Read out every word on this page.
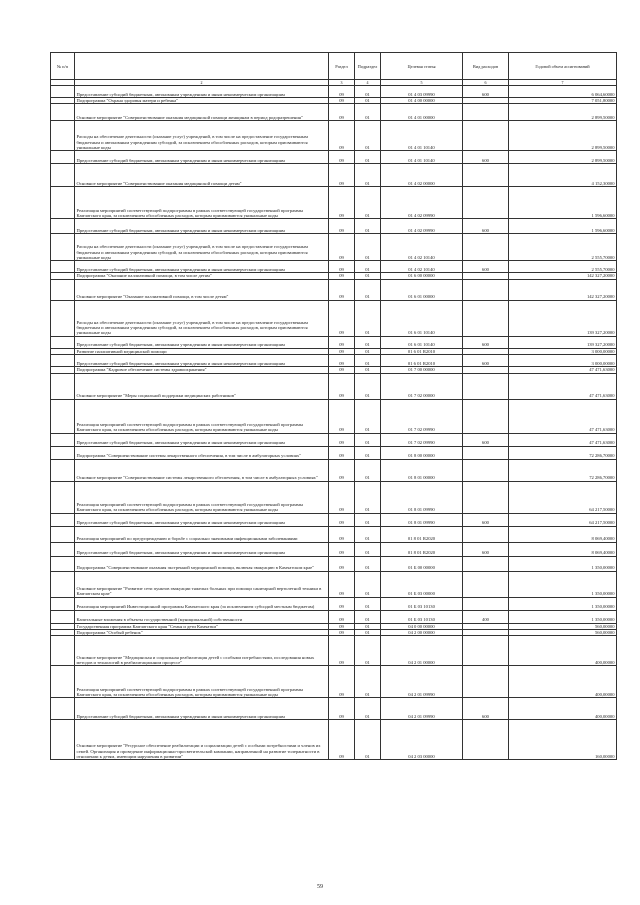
№ п/п		Раздел	Подраздел	Целевая статья	Вид расходов	Годовой объем ассигнований
	2	3	4	5	6	7
	Предоставление субсидий бюджетным, автономным учреждениям и иным некоммерческим организациям	09	01	01 4 03 09990	600	6 064,60000
	Подпрограмма "Охрана здоровья матери и ребенка"	09	01	01 4 00 00000		7 051,80000
	Основное мероприятие "Совершенствование оказания медицинской помощи женщинам в период родоразрешения"	09	01	01 4 01 00000		2 899,50000
	Расходы на обеспечение деятельности (оказание услуг) учреждений, в том числе на предоставление государственным бюджетным и автономным учреждениям субсидий, за исключением обособленных расходов, которым присваиваются уникальные коды	09	01	01 4 01 10140		2 899,50000
	Предоставление субсидий бюджетным, автономным учреждениям и иным некоммерческим организациям	09	01	01 4 01 10140	600	2 899,50000
	Основное мероприятие "Совершенствование оказания медицинской помощи детям"	09	01	01 4 02 00000		4 152,30000
	Реализация мероприятий соответствующей подпрограммы в рамках соответствующей государственной программы Камчатского края, за исключением обособленных расходов, которым присваиваются уникальные коды	09	01	01 4 02 09990		1 596,60000
	Предоставление субсидий бюджетным, автономным учреждениям и иным некоммерческим организациям	09	01	01 4 02 09990	600	1 596,60000
	Расходы на обеспечение деятельности (оказание услуг) учреждений, в том числе на предоставление государственным бюджетным и автономным учреждениям субсидий, за исключением обособленных расходов, которым присваиваются уникальные коды	09	01	01 4 02 10140		2 555,70000
	Предоставление субсидий бюджетным, автономным учреждениям и иным некоммерческим организациям	09	01	01 4 02 10140	600	2 555,70000
	Подпрограмма "Оказание паллиативной помощи, в том числе детям"	09	01	01 6 00 00000		142 327,20000
	Основное мероприятие "Оказание паллиативной помощи, в том числе детям"	09	01	01 6 01 00000		142 327,20000
	Расходы на обеспечение деятельности (оказание услуг) учреждений, в том числе на предоставление государственным бюджетным и автономным учреждениям субсидий, за исключением обособленных расходов, которым присваиваются уникальные коды	09	01	01 6 01 10140		139 327,20000
	Предоставление субсидий бюджетным, автономным учреждениям и иным некоммерческим организациям	09	01	01 6 01 10140	600	139 327,20000
	Развитие паллиативной медицинской помощи	09	01	01 6 01 R2010		3 000,00000
	Предоставление субсидий бюджетным, автономным учреждениям и иным некоммерческим организациям	09	01	01 6 01 R2010	600	3 000,00000
	Подпрограмма "Кадровое обеспечение системы здравоохранения"	09	01	01 7 00 00000		47 471,63000
	Основное мероприятие "Меры социальной поддержки медицинских работников"	09	01	01 7 02 00000		47 471,63000
	Реализация мероприятий соответствующей подпрограммы в рамках соответствующей государственной программы Камчатского края, за исключением обособленных расходов, которым присваиваются уникальные коды	09	01	01 7 02 09990		47 471,63000
	Предоставление субсидий бюджетным, автономным учреждениям и иным некоммерческим организациям	09	01	01 7 02 09990	600	47 471,63000
	Подпрограмма "Совершенствование системы лекарственного обеспечения, в том числе в амбулаторных условиях"	09	01	01 8 00 00000		72 286,70000
	Основное мероприятие "Совершенствование системы лекарственного обеспечения, в том числе в амбулаторных условиях"	09	01	01 8 01 00000		72 286,70000
	Реализация мероприятий соответствующей подпрограммы в рамках соответствующей государственной программы Камчатского края, за исключением обособленных расходов, которым присваиваются уникальные коды	09	01	01 8 01 09990		64 217,50000
	Предоставление субсидий бюджетным, автономным учреждениям и иным некоммерческим организациям	09	01	01 8 01 09990	600	64 217,50000
	Реализация мероприятий по предупреждению и борьбе с социально значимыми инфекционными заболеваниями	09	01	01 8 01 R2020		8 069,40000
	Предоставление субсидий бюджетным, автономным учреждениям и иным некоммерческим организациям	09	01	01 8 01 R2020	600	8 069,40000
	Подпрограмма "Совершенствование оказания экстренной медицинской помощи, включая эвакуацию в Камчатском крае"	09	01	01 Б 00 00000		1 350,00000
	Основное мероприятие "Развитие сети пунктов эвакуации тяжелых больных при помощи санитарной вертолетной техники в Камчатском крае"	09	01	01 Б 03 00000		1 350,00000
	Реализация мероприятий Инвестиционной программы Камчатского края (за исключением субсидий местным бюджетам)	09	01	01 Б 03 10130		1 350,00000
	Капитальные вложения в объекты государственной (муниципальной) собственности	09	01	01 Б 03 10130	400	1 350,00000
	Государственная программа Камчатского края "Семья и дети Камчатки"	09	01	04 0 00 00000		560,00000
	Подпрограмма "Особый ребенок"	09	01	04 2 00 00000		560,00000
	Основное мероприятие "Медицинская и социальная реабилитация детей с особыми потребностями, исследования новых методов и технологий в реабилитационном процессе"	09	01	04 2 01 00000		400,00000
	Реализация мероприятий соответствующей подпрограммы в рамках соответствующей государственной программы Камчатского края, за исключением обособленных расходов, которым присваиваются уникальные коды	09	01	04 2 01 09990		400,00000
	Предоставление субсидий бюджетным, автономным учреждениям и иным некоммерческим организациям	09	01	04 2 01 09990	600	400,00000
	Основное мероприятие "Ресурсное обеспечение реабилитации и социализации детей с особыми потребностями и членов их семей. Организация и проведение информационно-просветительской кампании, направленной на развитие толерантности в отношении к детям, имеющим нарушения в развитии"	09	01	04 2 03 00000		160,00000
59
